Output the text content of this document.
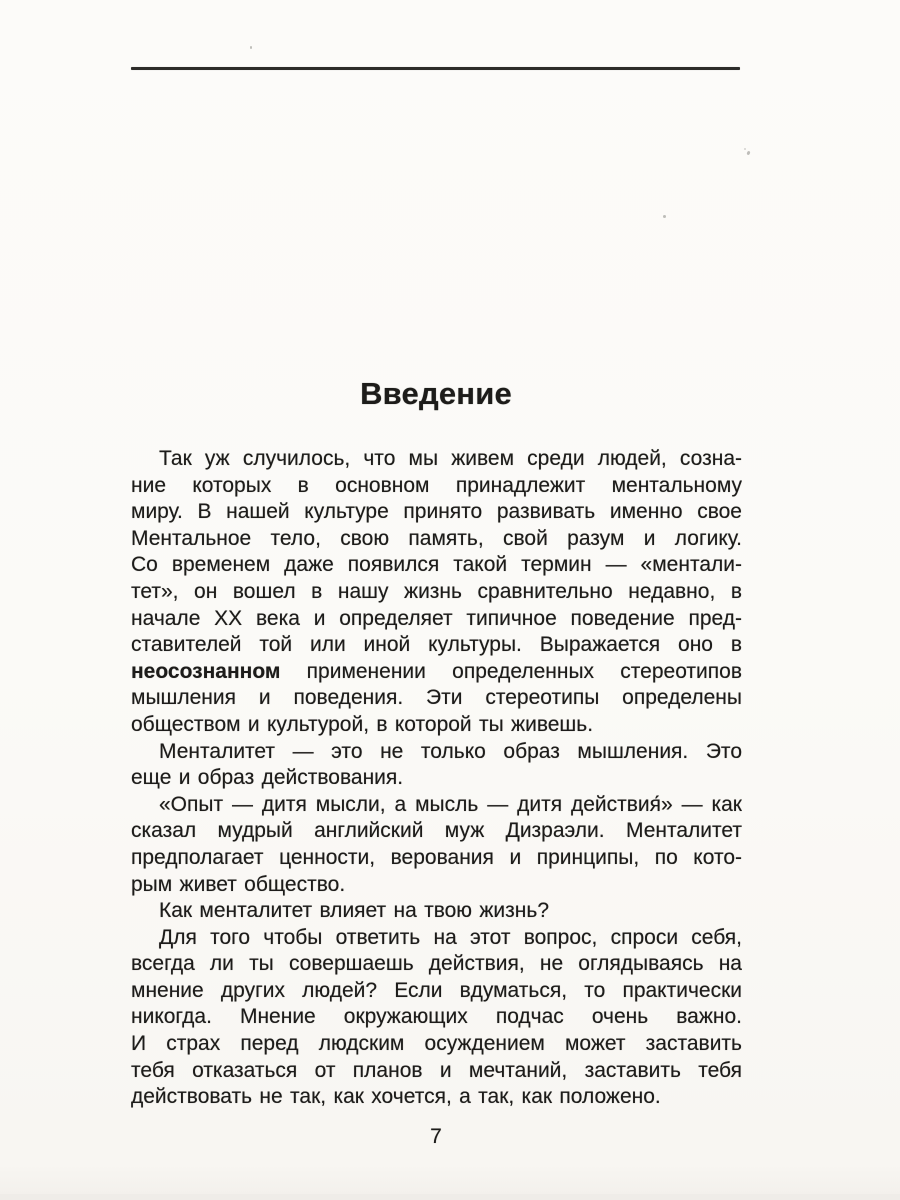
Введение
Так уж случилось, что мы живем среди людей, созна-
ние которых в основном принадлежит ментальному
миру. В нашей культуре принято развивать именно свое
Ментальное тело, свою память, свой разум и логику.
Со временем даже появился такой термин — «ментали-
тет», он вошел в нашу жизнь сравнительно недавно, в
начале XX века и определяет типичное поведение пред-
ставителей той или иной культуры. Выражается оно в
неосознанном применении определенных стереотипов
мышления и поведения. Эти стереотипы определены
обществом и культурой, в которой ты живешь.
Менталитет — это не только образ мышления. Это
еще и образ действования.
«Опыт — дитя мысли, а мысль — дитя действия́» — как
сказал мудрый английский муж Дизраэли. Менталитет
предполагает ценности, верования и принципы, по кото-
рым живет общество.
Как менталитет влияет на твою жизнь?
Для того чтобы ответить на этот вопрос, спроси себя,
всегда ли ты совершаешь действия, не оглядываясь на
мнение других людей? Если вдуматься, то практически
никогда. Мнение окружающих подчас очень важно.
И страх перед людским осуждением может заставить
тебя отказаться от планов и мечтаний, заставить тебя
действовать не так, как хочется, а так, как положено.
7
